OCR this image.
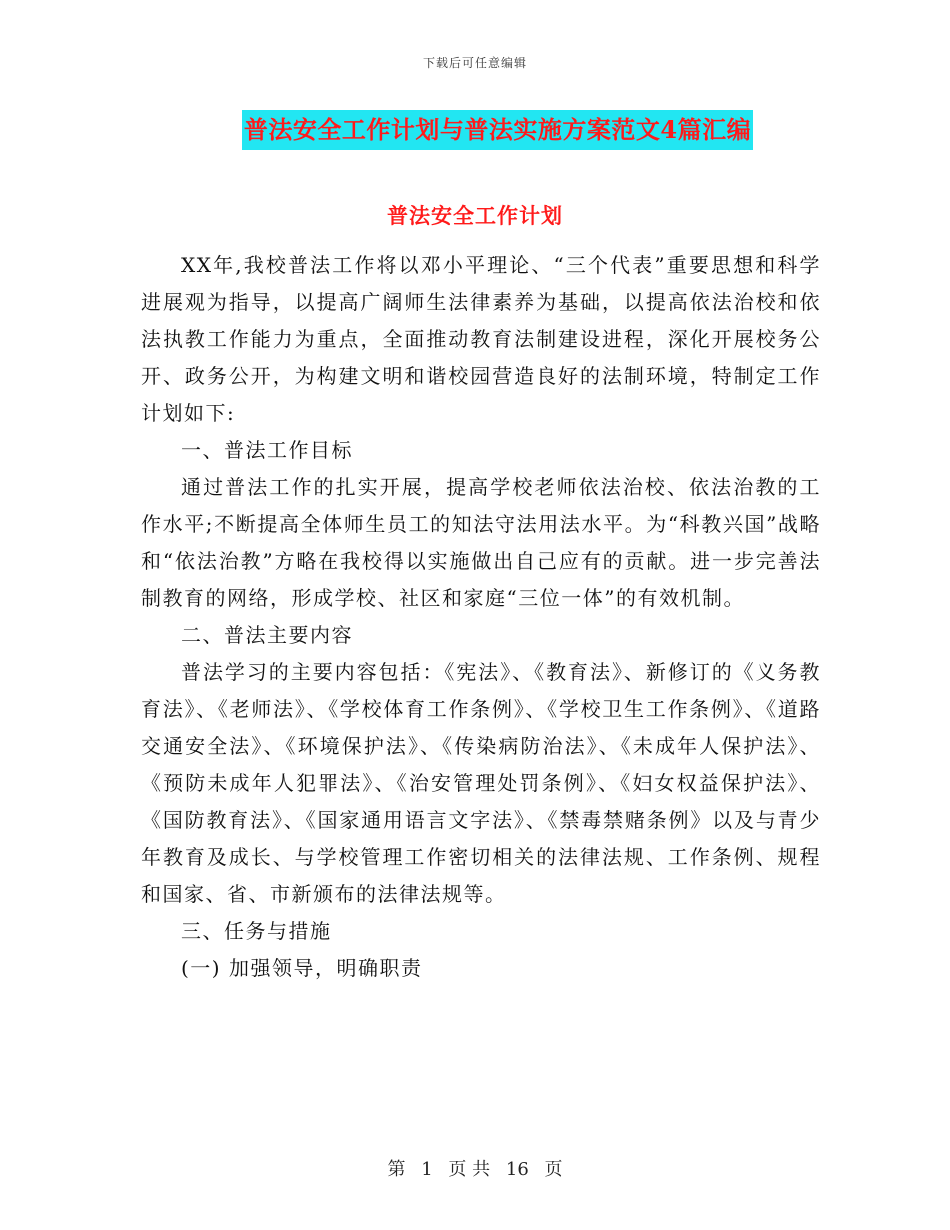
下载后可任意编辑
普法安全工作计划与普法实施方案范文4篇汇编
普法安全工作计划

XX年,我校普法工作将以邓小平理论、“三个代表”重要思想和科学进展观为指导，以提高广阔师生法律素养为基础，以提高依法治校和依法执教工作能力为重点，全面推动教育法制建设进程，深化开展校务公开、政务公开，为构建文明和谐校园营造良好的法制环境，特制定工作计划如下:

一、普法工作目标

通过普法工作的扎实开展，提高学校老师依法治校、依法治教的工作水平;不断提高全体师生员工的知法守法用法水平。为“科教兴国”战略和“依法治教”方略在我校得以实施做出自己应有的贡献。进一步完善法制教育的网络，形成学校、社区和家庭“三位一体”的有效机制。

二、普法主要内容

普法学习的主要内容包括：《宪法》、《教育法》、新修订的《义务教育法》、《老师法》、《学校体育工作条例》、《学校卫生工作条例》、《道路交通安全法》、《环境保护法》、《传染病防治法》、《未成年人保护法》、《预防未成年人犯罪法》、《治安管理处罚条例》、《妇女权益保护法》、《国防教育法》、《国家通用语言文字法》、《禁毒禁赌条例》以及与青少年教育及成长、与学校管理工作密切相关的法律法规、工作条例、规程和国家、省、市新颁布的法律法规等。

三、任务与措施

(一) 加强领导，明确职责

第 1 页 共 16 页
